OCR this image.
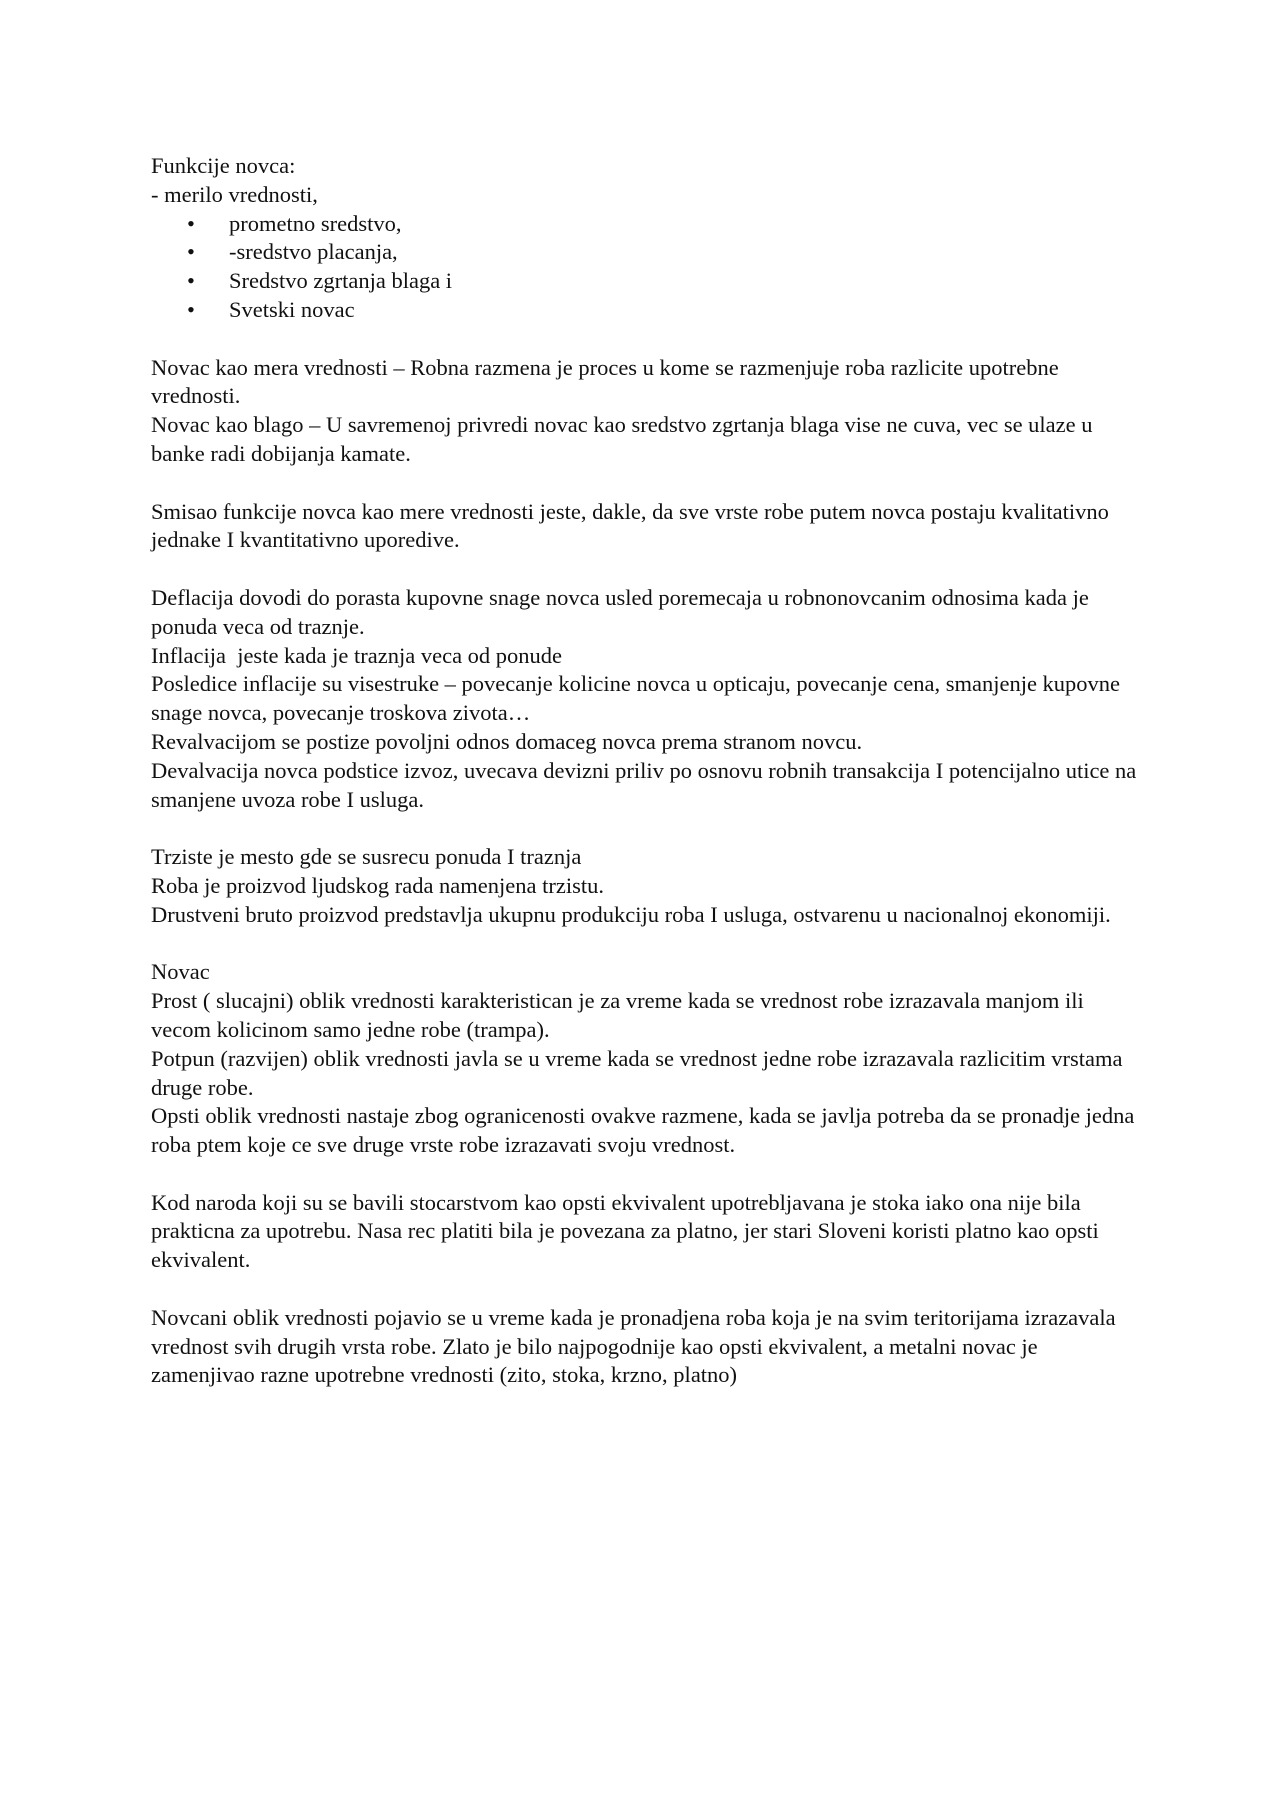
Funkcije novca:

- merilo vrednosti,

• prometno sredstvo,
• -sredstvo placanja,
• Sredstvo zgrtanja blaga i
• Svetski novac

Novac kao mera vrednosti – Robna razmena je proces u kome se razmenjuje roba razlicite upotrebne vrednosti.

Novac kao blago – U savremenoj privredi novac kao sredstvo zgrtanja blaga vise ne cuva, vec se ulaze u banke radi dobijanja kamate.

Smisao funkcije novca kao mere vrednosti jeste, dakle, da sve vrste robe putem novca postaju kvalitativno jednake I kvantitativno uporedive.

Deflacija dovodi do porasta kupovne snage novca usled poremecaja u robnonovcanim odnosima kada je ponuda veca od traznje.

Inflacija  jeste kada je traznja veca od ponude

Posledice inflacije su visestruke – povecanje kolicine novca u opticaju, povecanje cena, smanjenje kupovne snage novca, povecanje troskova zivota…

Revalvacijom se postize povoljni odnos domaceg novca prema stranom novcu.

Devalvacija novca podstice izvoz, uvecava devizni priliv po osnovu robnih transakcija I potencijalno utice na smanjene uvoza robe I usluga.

Trziste je mesto gde se susrecu ponuda I traznja

Roba je proizvod ljudskog rada namenjena trzistu.

Drustveni bruto proizvod predstavlja ukupnu produkciju roba I usluga, ostvarenu u nacionalnoj ekonomiji.

Novac

Prost ( slucajni) oblik vrednosti karakteristican je za vreme kada se vrednost robe izrazavala manjom ili vecom kolicinom samo jedne robe (trampa).

Potpun (razvijen) oblik vrednosti javla se u vreme kada se vrednost jedne robe izrazavala razlicitim vrstama druge robe.

Opsti oblik vrednosti nastaje zbog ogranicenosti ovakve razmene, kada se javlja potreba da se pronadje jedna roba ptem koje ce sve druge vrste robe izrazavati svoju vrednost.

Kod naroda koji su se bavili stocarstvom kao opsti ekvivalent upotrebljavana je stoka iako ona nije bila prakticna za upotrebu. Nasa rec platiti bila je povezana za platno, jer stari Sloveni koristi platno kao opsti ekvivalent.

Novcani oblik vrednosti pojavio se u vreme kada je pronadjena roba koja je na svim teritorijama izrazavala vrednost svih drugih vrsta robe. Zlato je bilo najpogodnije kao opsti ekvivalent, a metalni novac je zamenjivao razne upotrebne vrednosti (zito, stoka, krzno, platno)
